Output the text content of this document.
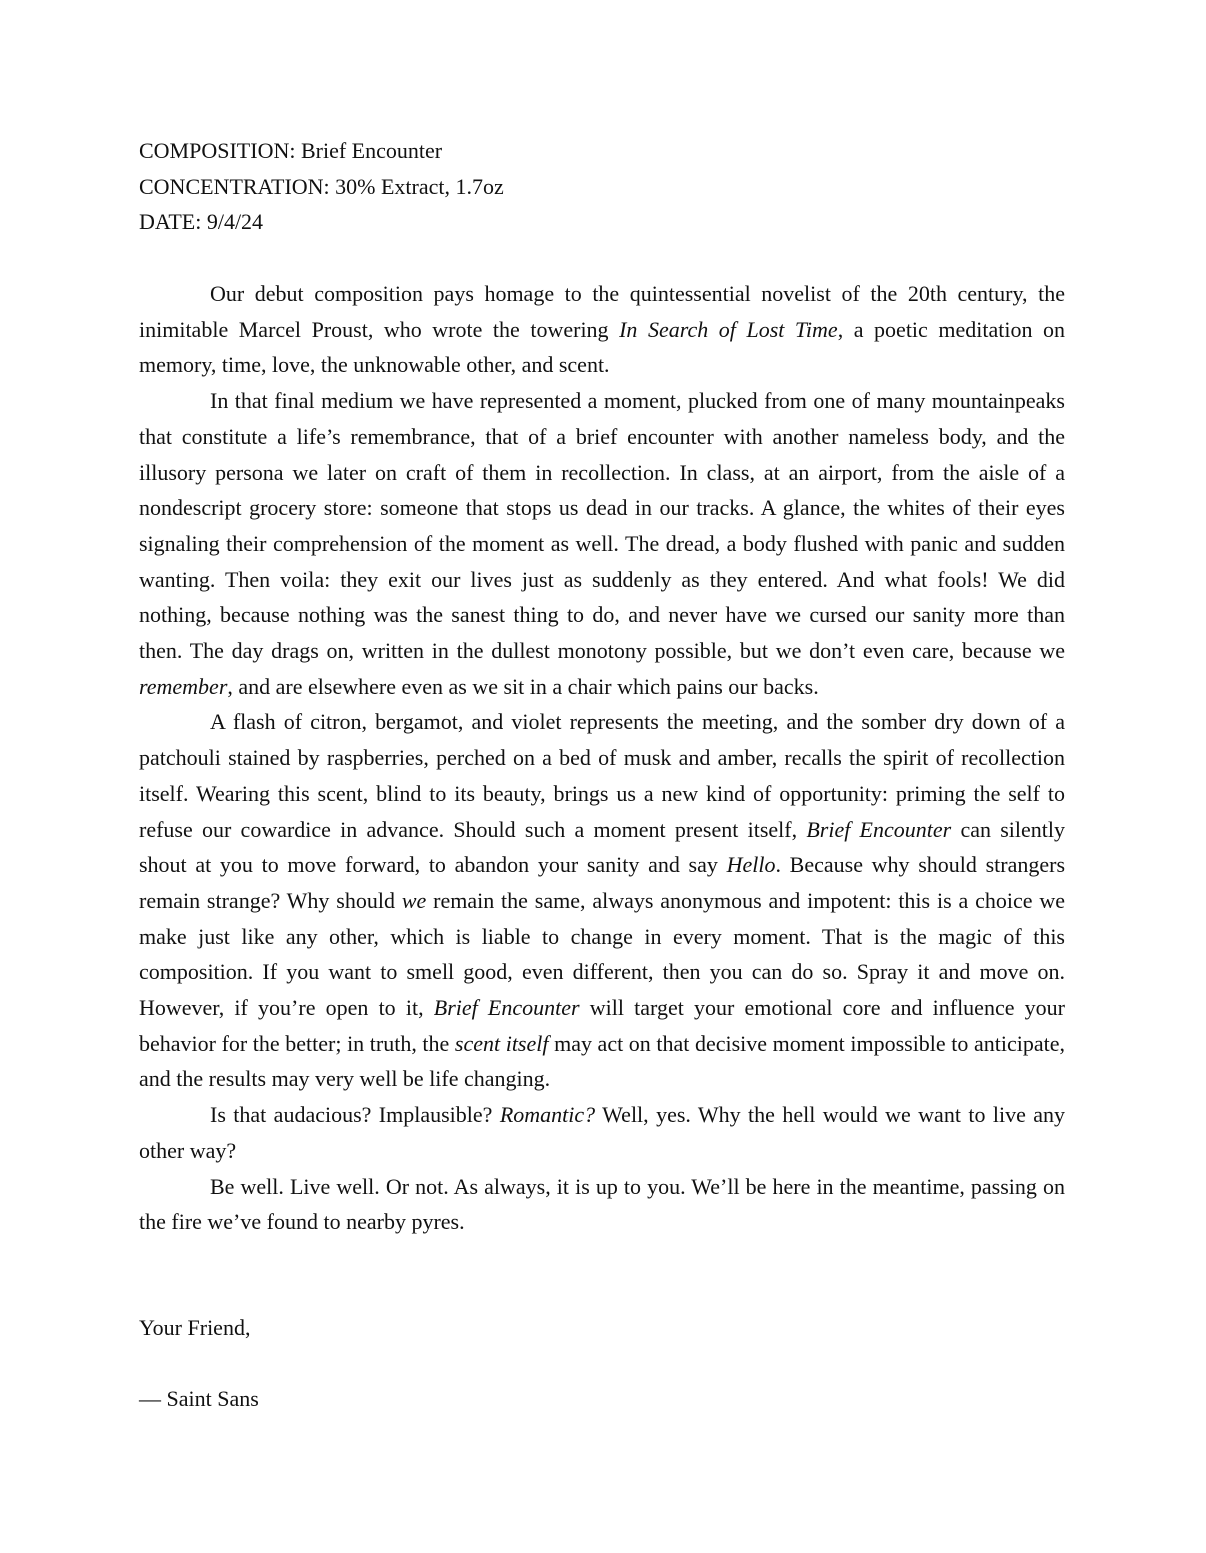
COMPOSITION: Brief Encounter
CONCENTRATION: 30% Extract, 1.7oz
DATE: 9/4/24

Our debut composition pays homage to the quintessential novelist of the 20th century, the inimitable Marcel Proust, who wrote the towering In Search of Lost Time, a poetic meditation on memory, time, love, the unknowable other, and scent.

In that final medium we have represented a moment, plucked from one of many mountainpeaks that constitute a life’s remembrance, that of a brief encounter with another nameless body, and the illusory persona we later on craft of them in recollection. In class, at an airport, from the aisle of a nondescript grocery store: someone that stops us dead in our tracks. A glance, the whites of their eyes signaling their comprehension of the moment as well. The dread, a body flushed with panic and sudden wanting. Then voila: they exit our lives just as suddenly as they entered. And what fools! We did nothing, because nothing was the sanest thing to do, and never have we cursed our sanity more than then. The day drags on, written in the dullest monotony possible, but we don’t even care, because we remember, and are elsewhere even as we sit in a chair which pains our backs.

A flash of citron, bergamot, and violet represents the meeting, and the somber dry down of a patchouli stained by raspberries, perched on a bed of musk and amber, recalls the spirit of recollection itself. Wearing this scent, blind to its beauty, brings us a new kind of opportunity: priming the self to refuse our cowardice in advance. Should such a moment present itself, Brief Encounter can silently shout at you to move forward, to abandon your sanity and say Hello. Because why should strangers remain strange? Why should we remain the same, always anonymous and impotent: this is a choice we make just like any other, which is liable to change in every moment. That is the magic of this composition. If you want to smell good, even different, then you can do so. Spray it and move on. However, if you’re open to it, Brief Encounter will target your emotional core and influence your behavior for the better; in truth, the scent itself may act on that decisive moment impossible to anticipate, and the results may very well be life changing.

Is that audacious? Implausible? Romantic? Well, yes. Why the hell would we want to live any other way?

Be well. Live well. Or not. As always, it is up to you. We’ll be here in the meantime, passing on the fire we’ve found to nearby pyres.

Your Friend,
— Saint Sans
